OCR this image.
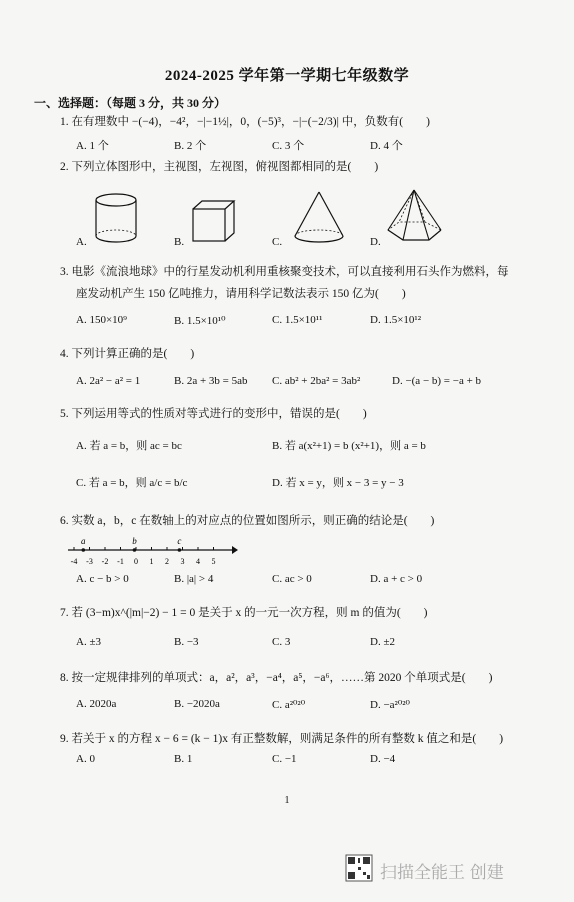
2024-2025 学年第一学期七年级数学
一、选择题：（每题 3 分，共 30 分）
1. 在有理数中 −(−4)，−4²，−|−1½|，0，(−5)³，−|−(−2/3)| 中，负数有(　　)
A. 1 个	B. 2 个	C. 3 个	D. 4 个
2. 下列立体图形中，主视图，左视图，俯视图都相同的是(　　)
A.	B.	C.	D.
3. 电影《流浪地球》中的行星发动机利用重核聚变技术，可以直接利用石头作为燃料，每
座发动机产生 150 亿吨推力，请用科学记数法表示 150 亿为(　　)
A. 150×10⁹	B. 1.5×10¹⁰	C. 1.5×10¹¹	D. 1.5×10¹²
4. 下列计算正确的是(　　)
A. 2a² − a² = 1	B. 2a + 3b = 5ab C. ab² + 2ba² = 3ab²	D. −(a − b) = −a + b
5. 下列运用等式的性质对等式进行的变形中，错误的是(　　)
A. 若 a = b，则 ac = bc	B. 若 a(x²+1) = b (x²+1)，则 a = b
C. 若 a = b，则 a/c = b/c	D. 若 x = y，则 x − 3 = y − 3
6. 实数 a，b，c 在数轴上的对应点的位置如图所示，则正确的结论是(　　)
-4 -3 -2 -1 0 1 2 3 4 5
a	b	c
A. c − b > 0	B. |a| > 4	C. ac > 0	D. a + c > 0
7. 若 (3−m)x^(|m|−2) − 1 = 0 是关于 x 的一元一次方程，则 m 的值为(　　)
A. ±3	B. −3	C. 3	D. ±2
8. 按一定规律排列的单项式：a，a²，a³，−a⁴，a⁵，−a⁶，……第 2020 个单项式是(　　)
A. 2020a	B. −2020a	C. a²⁰²⁰	D. −a²⁰²⁰
9. 若关于 x 的方程 x − 6 = (k − 1)x 有正整数解，则满足条件的所有整数 k 值之和是(　　)
A. 0	B. 1	C. −1	D. −4
1
扫描全能王 创建
